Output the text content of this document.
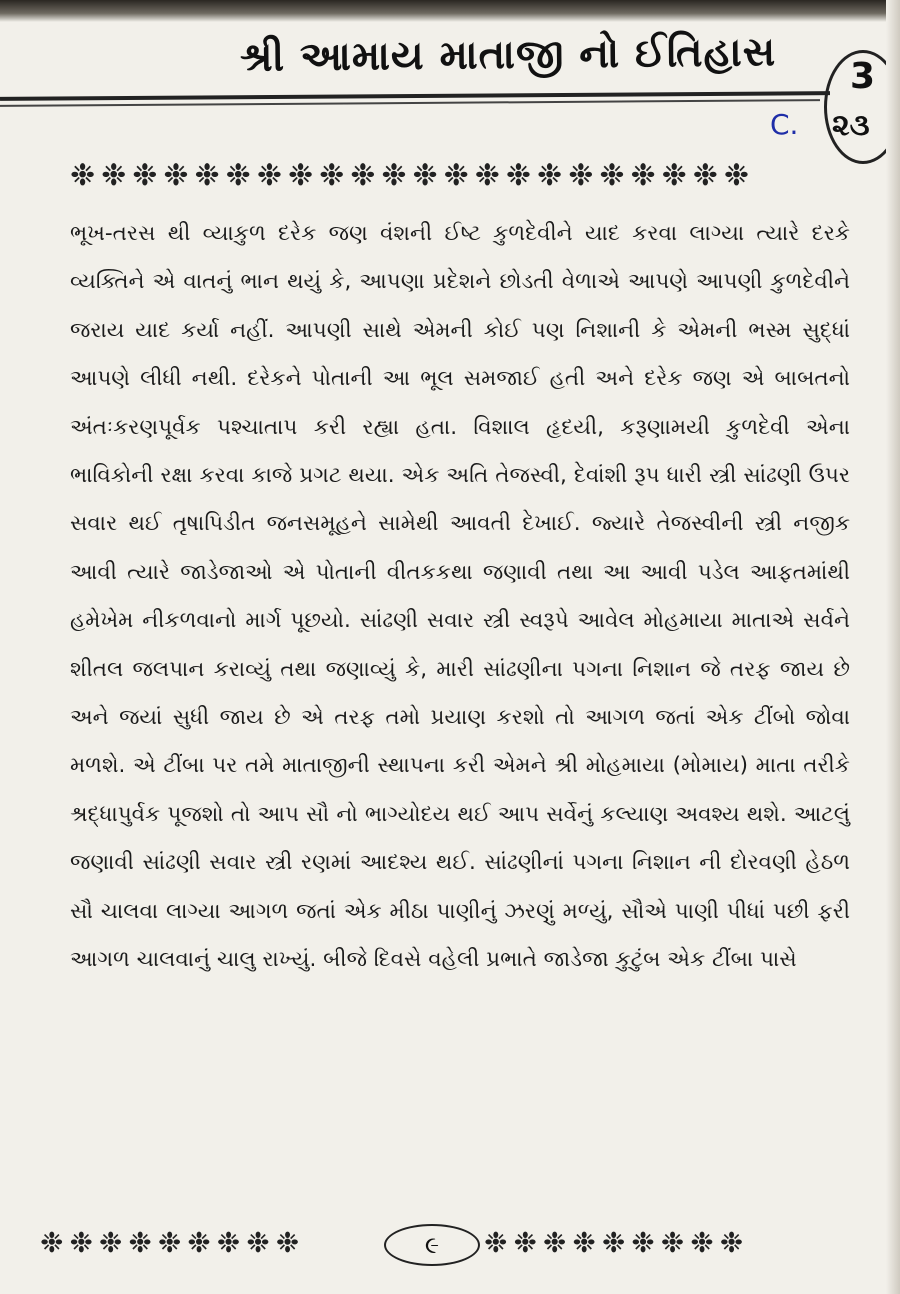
શ્રી આમાય માતાજી નો ઈતિહાસ 3
૨૩
C.
❉❉❉❉❉❉❉❉❉❉❉❉❉❉❉❉❉❉❉❉❉❉

ભૂખ-તરસ થી વ્યાકુળ દરેક જણ વંશની ઈષ્ટ કુળદેવીને યાદ કરવા લાગ્યા ત્યારે દરકે વ્યક્તિને એ વાતનું ભાન થયું કે, આપણા પ્રદેશને છોડતી વેળાએ આપણે આપણી કુળદેવીને જરાય યાદ કર્યા નહીં. આપણી સાથે એમની કોઈ પણ નિશાની કે એમની ભસ્મ સુદ્ધાં આપણે લીધી નથી. દરેકને પોતાની આ ભૂલ સમજાઈ હતી અને દરેક જણ એ બાબતનો અંતઃકરણપૂર્વક પશ્ચાતાપ કરી રહ્યા હતા. વિશાલ હૃદયી, કરૂણામયી કુળદેવી એના ભાવિકોની રક્ષા કરવા કાજે પ્રગટ થયા. એક અતિ તેજસ્વી, દેવાંશી રૂપ ધારી સ્ત્રી સાંઢણી ઉપર સવાર થઈ તૃષાપિડીત જનસમૂહને સામેથી આવતી દેખાઈ. જ્યારે તેજસ્વીની સ્ત્રી નજીક આવી ત્યારે જાડેજાઓ એ પોતાની વીતકકથા જણાવી તથા આ આવી પડેલ આફતમાંથી હમેખેમ નીકળવાનો માર્ગ પૂછયો. સાંઢણી સવાર સ્ત્રી સ્વરૂપે આવેલ મોહમાયા માતાએ સર્વને શીતલ જલપાન કરાવ્યું તથા જણાવ્યું કે, મારી સાંઢણીના પગના નિશાન જે તરફ જાય છે અને જયાં સુધી જાય છે એ તરફ તમો પ્રયાણ કરશો તો આગળ જતાં એક ટીંબો જોવા મળશે. એ ટીંબા પર તમે માતાજીની સ્થાપના કરી એમને શ્રી મોહમાયા (મોમાય) માતા તરીકે શ્રદ્ધાપુર્વક પૂજશો તો આપ સૌ નો ભાગ્યોદય થઈ આપ સર્વેનું કલ્યાણ અવશ્ય થશે. આટલું જણાવી સાંઢણી સવાર સ્ત્રી રણમાં આદશ્ય થઈ. સાંઢણીનાં પગના નિશાન ની દોરવણી હેઠળ સૌ ચાલવા લાગ્યા આગળ જતાં એક મીઠા પાણીનું ઝરણું મળ્યું, સૌએ પાણી પીધાં પછી ફરી આગળ ચાલવાનું ચાલુ રાખ્યું. બીજે દિવસે વહેલી પ્રભાતે જાડેજા કુટુંબ એક ટીંબા પાસે

❉❉❉❉❉❉❉❉❉	૯	❉❉❉❉❉❉❉❉❉
